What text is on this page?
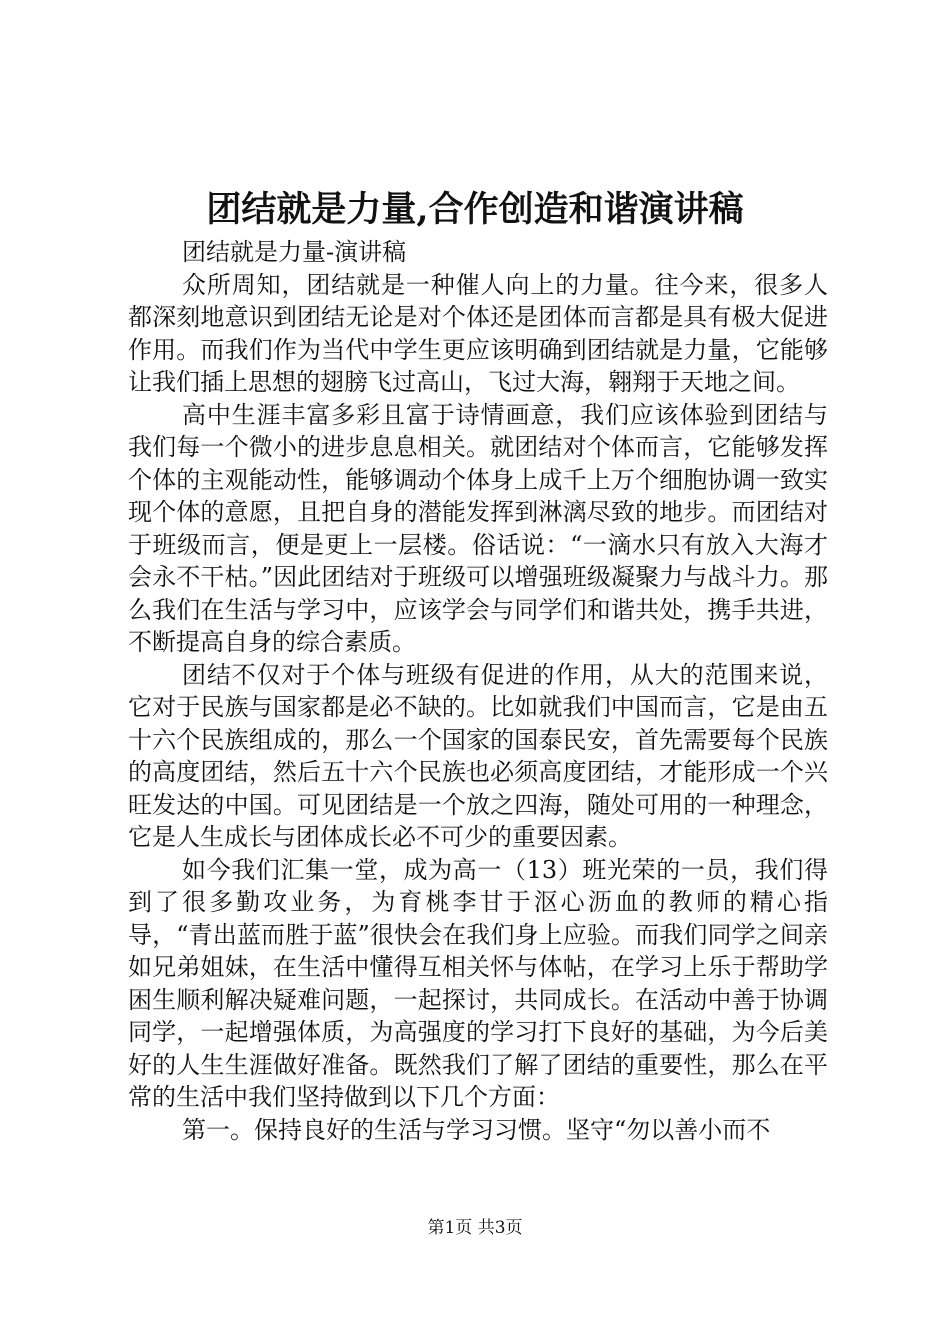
团结就是力量,合作创造和谐演讲稿

团结就是力量-演讲稿

众所周知，团结就是一种催人向上的力量。往今来，很多人都深刻地意识到团结无论是对个体还是团体而言都是具有极大促进作用。而我们作为当代中学生更应该明确到团结就是力量，它能够让我们插上思想的翅膀飞过高山，飞过大海，翱翔于天地之间。

高中生涯丰富多彩且富于诗情画意，我们应该体验到团结与我们每一个微小的进步息息相关。就团结对个体而言，它能够发挥个体的主观能动性，能够调动个体身上成千上万个细胞协调一致实现个体的意愿，且把自身的潜能发挥到淋漓尽致的地步。而团结对于班级而言，便是更上一层楼。俗话说：“一滴水只有放入大海才会永不干枯。”因此团结对于班级可以增强班级凝聚力与战斗力。那么我们在生活与学习中，应该学会与同学们和谐共处，携手共进，不断提高自身的综合素质。

团结不仅对于个体与班级有促进的作用，从大的范围来说，它对于民族与国家都是必不缺的。比如就我们中国而言，它是由五十六个民族组成的，那么一个国家的国泰民安，首先需要每个民族的高度团结，然后五十六个民族也必须高度团结，才能形成一个兴旺发达的中国。可见团结是一个放之四海，随处可用的一种理念，它是人生成长与团体成长必不可少的重要因素。

如今我们汇集一堂，成为高一（13）班光荣的一员，我们得到了很多勤攻业务，为育桃李甘于沤心沥血的教师的精心指导，“青出蓝而胜于蓝”很快会在我们身上应验。而我们同学之间亲如兄弟姐妹，在生活中懂得互相关怀与体帖，在学习上乐于帮助学困生顺利解决疑难问题，一起探讨，共同成长。在活动中善于协调同学，一起增强体质，为高强度的学习打下良好的基础，为今后美好的人生生涯做好准备。既然我们了解了团结的重要性，那么在平常的生活中我们坚持做到以下几个方面：

第一。保持良好的生活与学习习惯。坚守“勿以善小而不

第1页 共3页
